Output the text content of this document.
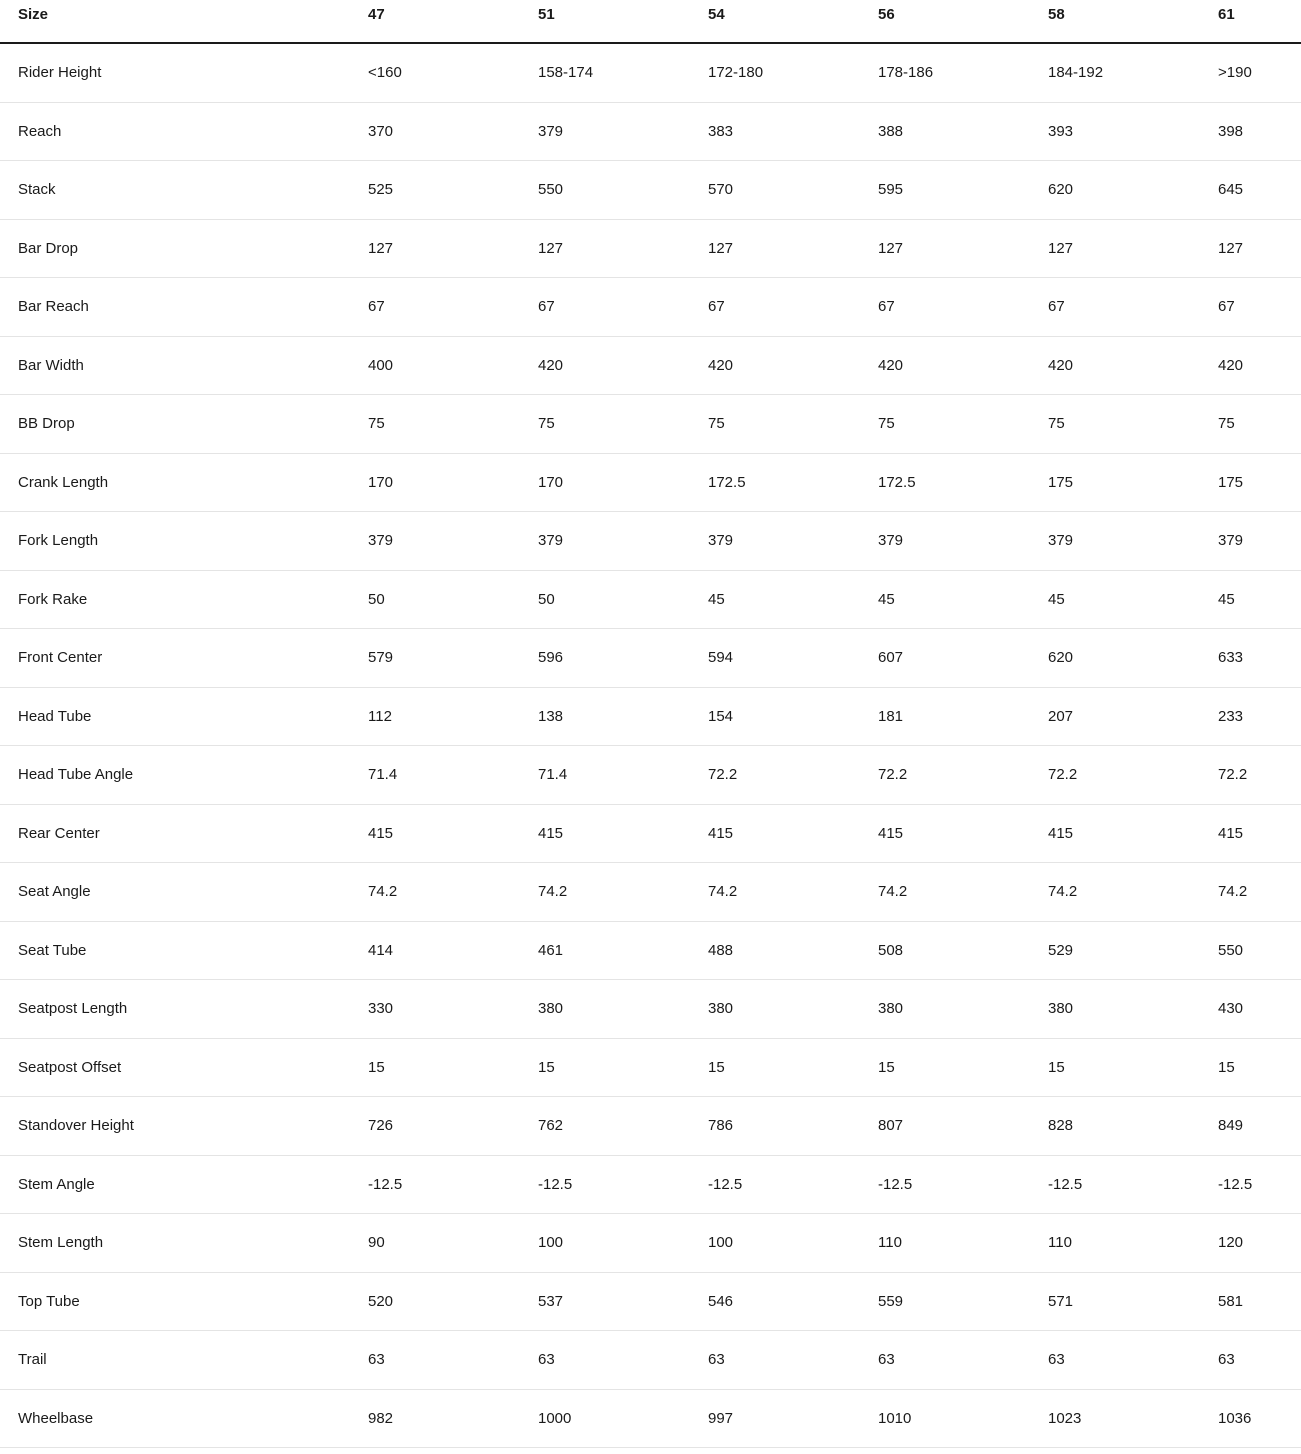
Size	47	51	54	56	58	61
Rider Height	<160	158-174	172-180	178-186	184-192	>190
Reach	370	379	383	388	393	398
Stack	525	550	570	595	620	645
Bar Drop	127	127	127	127	127	127
Bar Reach	67	67	67	67	67	67
Bar Width	400	420	420	420	420	420
BB Drop	75	75	75	75	75	75
Crank Length	170	170	172.5	172.5	175	175
Fork Length	379	379	379	379	379	379
Fork Rake	50	50	45	45	45	45
Front Center	579	596	594	607	620	633
Head Tube	112	138	154	181	207	233
Head Tube Angle	71.4	71.4	72.2	72.2	72.2	72.2
Rear Center	415	415	415	415	415	415
Seat Angle	74.2	74.2	74.2	74.2	74.2	74.2
Seat Tube	414	461	488	508	529	550
Seatpost Length	330	380	380	380	380	430
Seatpost Offset	15	15	15	15	15	15
Standover Height	726	762	786	807	828	849
Stem Angle	-12.5	-12.5	-12.5	-12.5	-12.5	-12.5
Stem Length	90	100	100	110	110	120
Top Tube	520	537	546	559	571	581
Trail	63	63	63	63	63	63
Wheelbase	982	1000	997	1010	1023	1036
